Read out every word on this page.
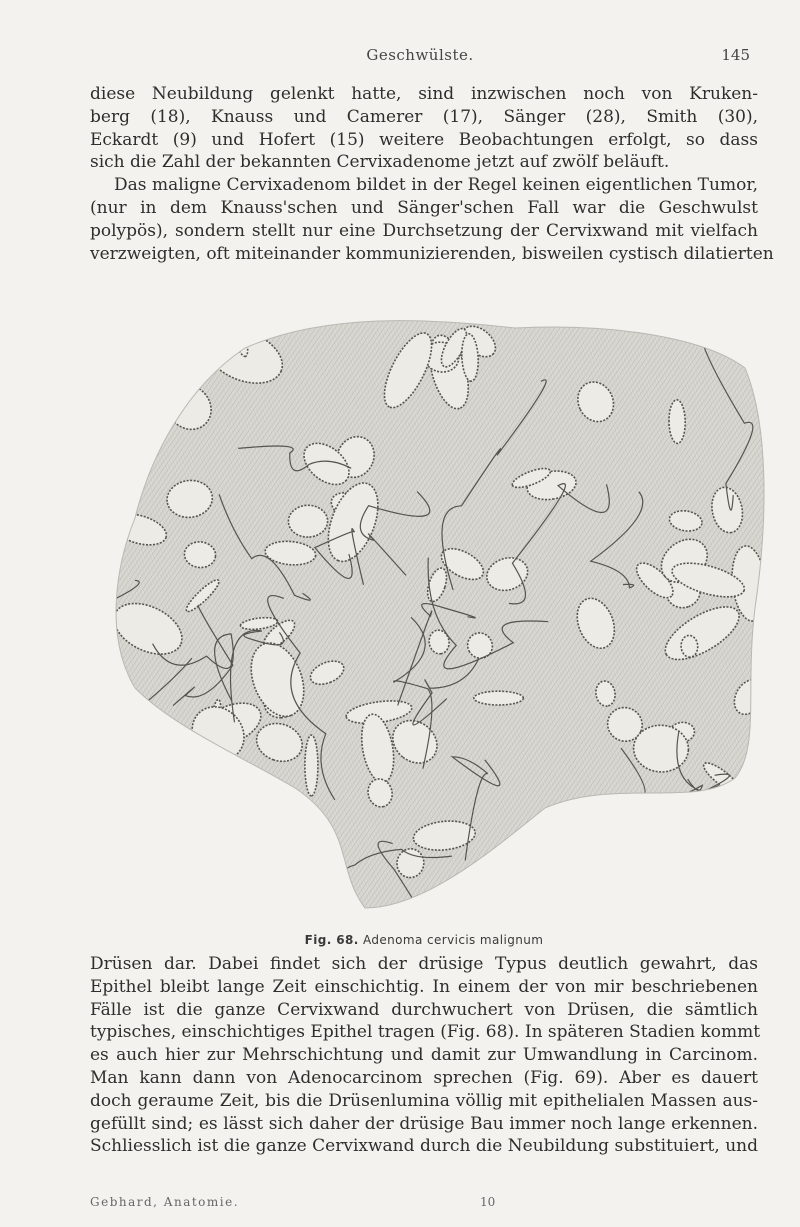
Geschwülste.	145
diese Neubildung gelenkt hatte, sind inzwischen noch von Kruken-
berg (18), Knauss und Camerer (17), Sänger (28), Smith (30),
Eckardt (9) und Hofert (15) weitere Beobachtungen erfolgt, so dass
sich die Zahl der bekannten Cervixadenome jetzt auf zwölf beläuft.
Das maligne Cervixadenom bildet in der Regel keinen eigentlichen Tumor,
(nur in dem Knauss'schen und Sänger'schen Fall war die Geschwulst
polypös), sondern stellt nur eine Durchsetzung der Cervixwand mit vielfach
verzweigten, oft miteinander kommunizierenden, bisweilen cystisch dilatierten
Fig. 68. Adenoma cervicis malignum
Drüsen dar. Dabei findet sich der drüsige Typus deutlich gewahrt, das
Epithel bleibt lange Zeit einschichtig. In einem der von mir beschriebenen
Fälle ist die ganze Cervixwand durchwuchert von Drüsen, die sämtlich
typisches, einschichtiges Epithel tragen (Fig. 68). In späteren Stadien kommt
es auch hier zur Mehrschichtung und damit zur Umwandlung in Carcinom.
Man kann dann von Adenocarcinom sprechen (Fig. 69). Aber es dauert
doch geraume Zeit, bis die Drüsenlumina völlig mit epithelialen Massen aus-
gefüllt sind; es lässt sich daher der drüsige Bau immer noch lange erkennen.
Schliesslich ist die ganze Cervixwand durch die Neubildung substituiert, und
Gebhard, Anatomie.	10
